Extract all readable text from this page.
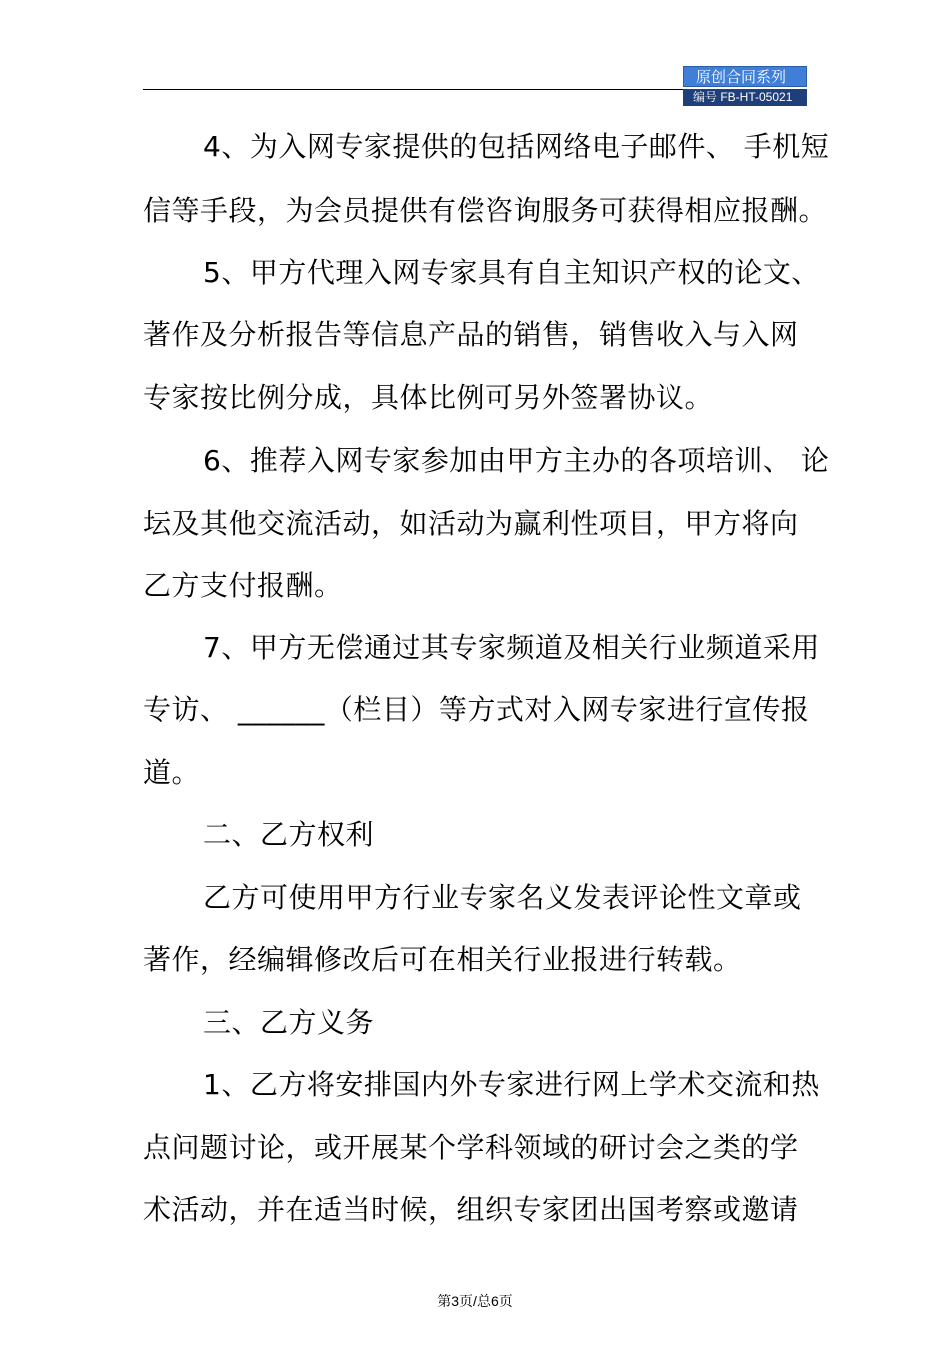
原创合同系列
编号 FB-HT-05021
4、为入网专家提供的包括网络电子邮件、 手机短
信等手段，为会员提供有偿咨询服务可获得相应报酬。
5、甲方代理入网专家具有自主知识产权的论文、
著作及分析报告等信息产品的销售，销售收入与入网
专家按比例分成，具体比例可另外签署协议。
6、推荐入网专家参加由甲方主办的各项培训、 论
坛及其他交流活动，如活动为赢利性项目，甲方将向
乙方支付报酬。
7、甲方无偿通过其专家频道及相关行业频道采用
专访、 ______（栏目）等方式对入网专家进行宣传报
道。
二、乙方权利
乙方可使用甲方行业专家名义发表评论性文章或
著作，经编辑修改后可在相关行业报进行转载。
三、乙方义务
1、乙方将安排国内外专家进行网上学术交流和热
点问题讨论，或开展某个学科领域的研讨会之类的学
术活动，并在适当时候，组织专家团出国考察或邀请
第3页/总6页
